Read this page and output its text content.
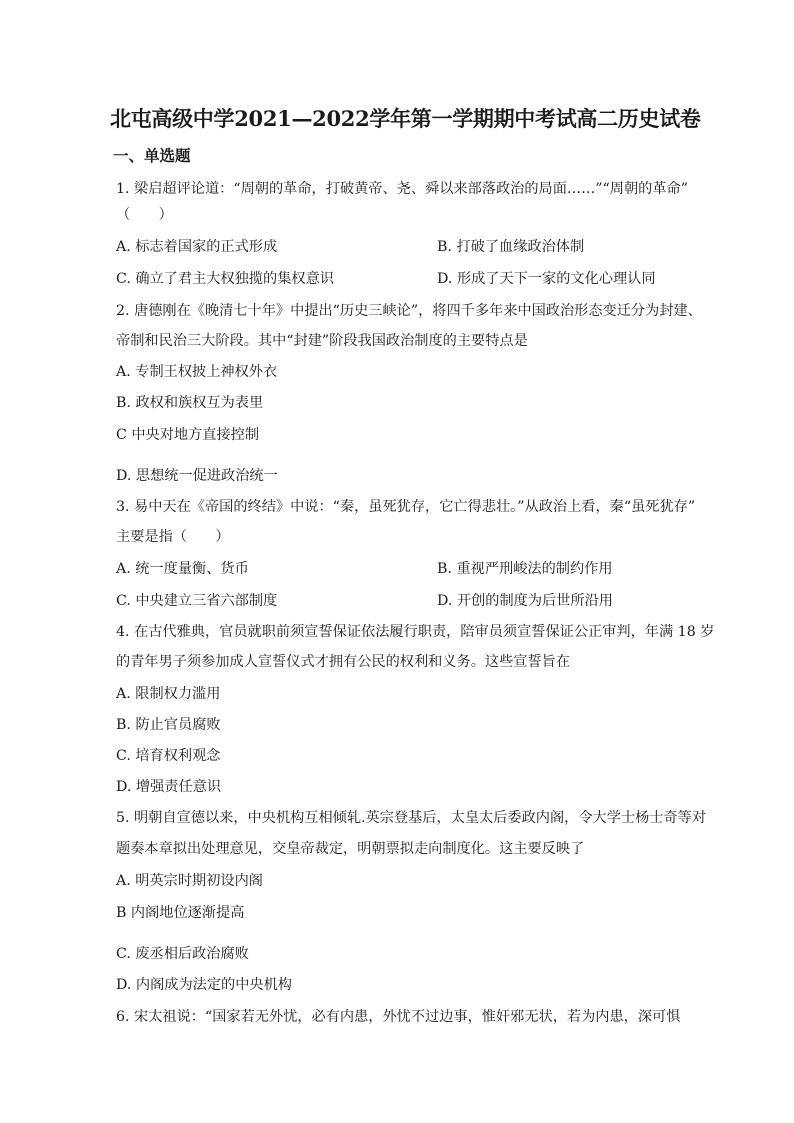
北屯高级中学2021—2022学年第一学期期中考试高二历史试卷
一、单选题
1. 梁启超评论道：“周朝的革命，打破黄帝、尧、舜以来部落政治的局面……”“周朝的革命”
（　　）
A. 标志着国家的正式形成	B. 打破了血缘政治体制
C. 确立了君主大权独揽的集权意识	D. 形成了天下一家的文化心理认同
2. 唐德刚在《晚清七十年》中提出“历史三峡论”，将四千多年来中国政治形态变迁分为封建、
帝制和民治三大阶段。其中“封建”阶段我国政治制度的主要特点是
A. 专制王权披上神权外衣
B. 政权和族权互为表里
C 中央对地方直接控制
D. 思想统一促进政治统一
3. 易中天在《帝国的终结》中说：“秦，虽死犹存，它亡得悲壮。”从政治上看，秦“虽死犹存”
主要是指（　　）
A. 统一度量衡、货币	B. 重视严刑峻法的制约作用
C. 中央建立三省六部制度	D. 开创的制度为后世所沿用
4. 在古代雅典，官员就职前须宣誓保证依法履行职责，陪审员须宣誓保证公正审判，年满 18 岁
的青年男子须参加成人宣誓仪式才拥有公民的权利和义务。这些宣誓旨在
A. 限制权力滥用
B. 防止官员腐败
C. 培育权利观念
D. 增强责任意识
5. 明朝自宣德以来，中央机构互相倾轧.英宗登基后，太皇太后委政内阁，令大学士杨士奇等对
题奏本章拟出处理意见，交皇帝裁定，明朝票拟走向制度化。这主要反映了
A. 明英宗时期初设内阁
B 内阁地位逐渐提高
C. 废丞相后政治腐败
D. 内阁成为法定的中央机构
6. 宋太祖说：“国家若无外忧，必有内患，外忧不过边事，惟奸邪无状，若为内患，深可惧
